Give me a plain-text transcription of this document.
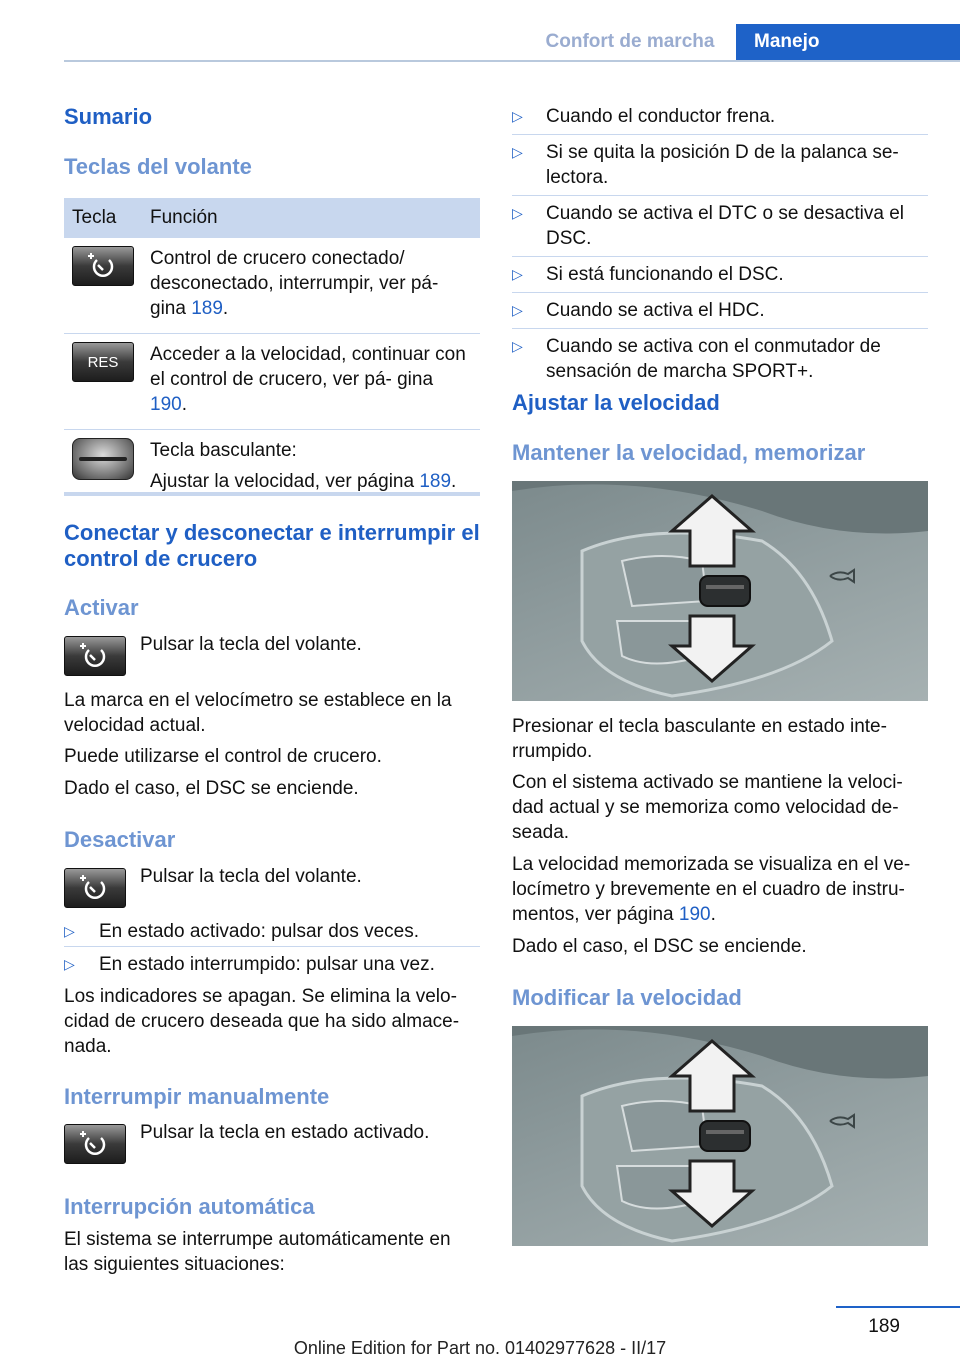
Confort de marcha	Manejo
Sumario
Teclas del volante
Tecla	Función

	Control de crucero conectado/ desconectado, interrumpir, ver pá- gina 189.

RES	Acceder a la velocidad, continuar con el control de crucero, ver pá- gina 190.

	Tecla basculante:
Ajustar la velocidad, ver página 189.
Conectar y desconectar e interrumpir el control de crucero
Activar
Pulsar la tecla del volante.
La marca en el velocímetro se establece en la velocidad actual.
Puede utilizarse el control de crucero.
Dado el caso, el DSC se enciende.
Desactivar
Pulsar la tecla del volante.
▷ En estado activado: pulsar dos veces.
▷ En estado interrumpido: pulsar una vez.
Los indicadores se apagan. Se elimina la velo- cidad de crucero deseada que ha sido almace- nada.
Interrumpir manualmente
Pulsar la tecla en estado activado.
Interrupción automática
El sistema se interrumpe automáticamente en las siguientes situaciones:
▷ Cuando el conductor frena.
▷ Si se quita la posición D de la palanca se- lectora.
▷ Cuando se activa el DTC o se desactiva el DSC.
▷ Si está funcionando el DSC.
▷ Cuando se activa el HDC.
▷ Cuando se activa con el conmutador de sensación de marcha SPORT+.
Ajustar la velocidad
Mantener la velocidad, memorizar
Presionar el tecla basculante en estado inte- rrumpido.
Con el sistema activado se mantiene la veloci- dad actual y se memoriza como velocidad de- seada.
La velocidad memorizada se visualiza en el ve- locímetro y brevemente en el cuadro de instru- mentos, ver página 190.
Dado el caso, el DSC se enciende.
Modificar la velocidad
189
Online Edition for Part no. 01402977628 - II/17
